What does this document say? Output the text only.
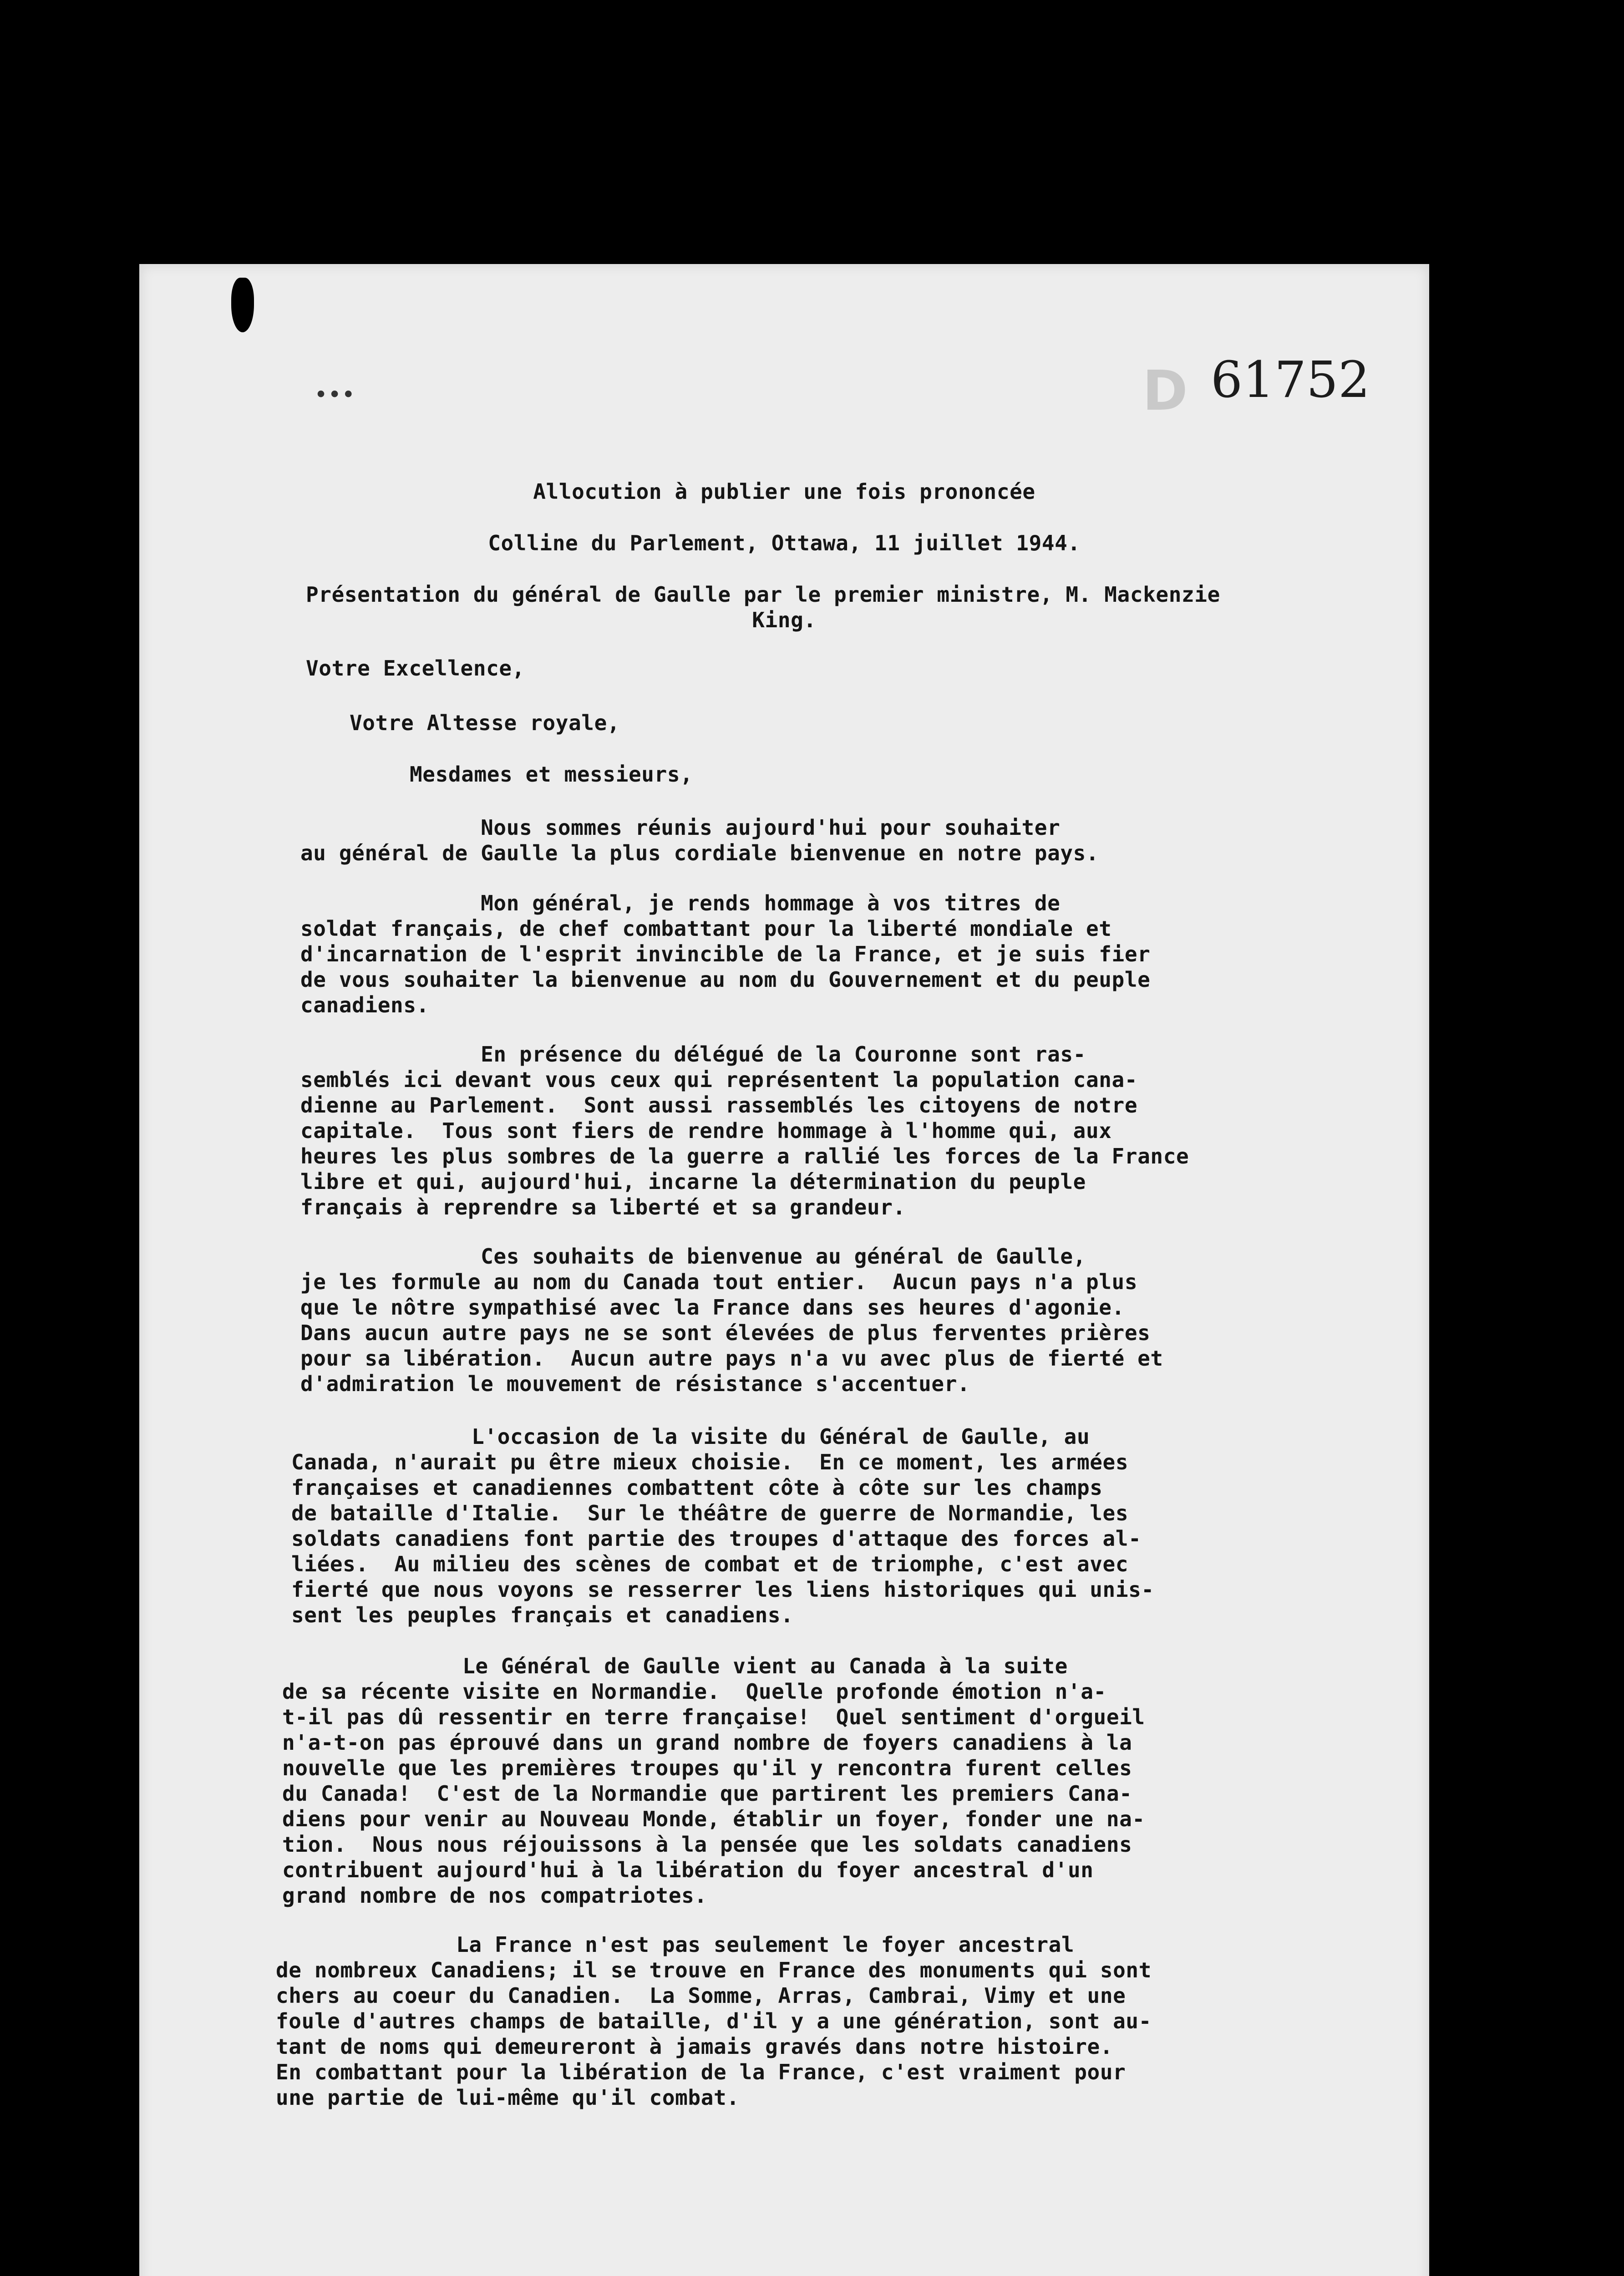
•••	D 61752
Allocution à publier une fois prononcée
Colline du Parlement, Ottawa, 11 juillet 1944.
Présentation du général de Gaulle par le premier ministre, M. Mackenzie
King.
Votre Excellence,
Votre Altesse royale,
Mesdames et messieurs,
Nous sommes réunis aujourd'hui pour souhaiter
au général de Gaulle la plus cordiale bienvenue en notre pays.
Mon général, je rends hommage à vos titres de
soldat français, de chef combattant pour la liberté mondiale et
d'incarnation de l'esprit invincible de la France, et je suis fier
de vous souhaiter la bienvenue au nom du Gouvernement et du peuple
canadiens.
En présence du délégué de la Couronne sont ras-
semblés ici devant vous ceux qui représentent la population cana-
dienne au Parlement.  Sont aussi rassemblés les citoyens de notre
capitale.  Tous sont fiers de rendre hommage à l'homme qui, aux
heures les plus sombres de la guerre a rallié les forces de la France
libre et qui, aujourd'hui, incarne la détermination du peuple
français à reprendre sa liberté et sa grandeur.
Ces souhaits de bienvenue au général de Gaulle,
je les formule au nom du Canada tout entier.  Aucun pays n'a plus
que le nôtre sympathisé avec la France dans ses heures d'agonie.
Dans aucun autre pays ne se sont élevées de plus ferventes prières
pour sa libération.  Aucun autre pays n'a vu avec plus de fierté et
d'admiration le mouvement de résistance s'accentuer.
L'occasion de la visite du Général de Gaulle, au
Canada, n'aurait pu être mieux choisie.  En ce moment, les armées
françaises et canadiennes combattent côte à côte sur les champs
de bataille d'Italie.  Sur le théâtre de guerre de Normandie, les
soldats canadiens font partie des troupes d'attaque des forces al-
liées.  Au milieu des scènes de combat et de triomphe, c'est avec
fierté que nous voyons se resserrer les liens historiques qui unis-
sent les peuples français et canadiens.
Le Général de Gaulle vient au Canada à la suite
de sa récente visite en Normandie.  Quelle profonde émotion n'a-
t-il pas dû ressentir en terre française!  Quel sentiment d'orgueil
n'a-t-on pas éprouvé dans un grand nombre de foyers canadiens à la
nouvelle que les premières troupes qu'il y rencontra furent celles
du Canada!  C'est de la Normandie que partirent les premiers Cana-
diens pour venir au Nouveau Monde, établir un foyer, fonder une na-
tion.  Nous nous réjouissons à la pensée que les soldats canadiens
contribuent aujourd'hui à la libération du foyer ancestral d'un
grand nombre de nos compatriotes.
La France n'est pas seulement le foyer ancestral
de nombreux Canadiens; il se trouve en France des monuments qui sont
chers au coeur du Canadien.  La Somme, Arras, Cambrai, Vimy et une
foule d'autres champs de bataille, d'il y a une génération, sont au-
tant de noms qui demeureront à jamais gravés dans notre histoire.
En combattant pour la libération de la France, c'est vraiment pour
une partie de lui-même qu'il combat.
